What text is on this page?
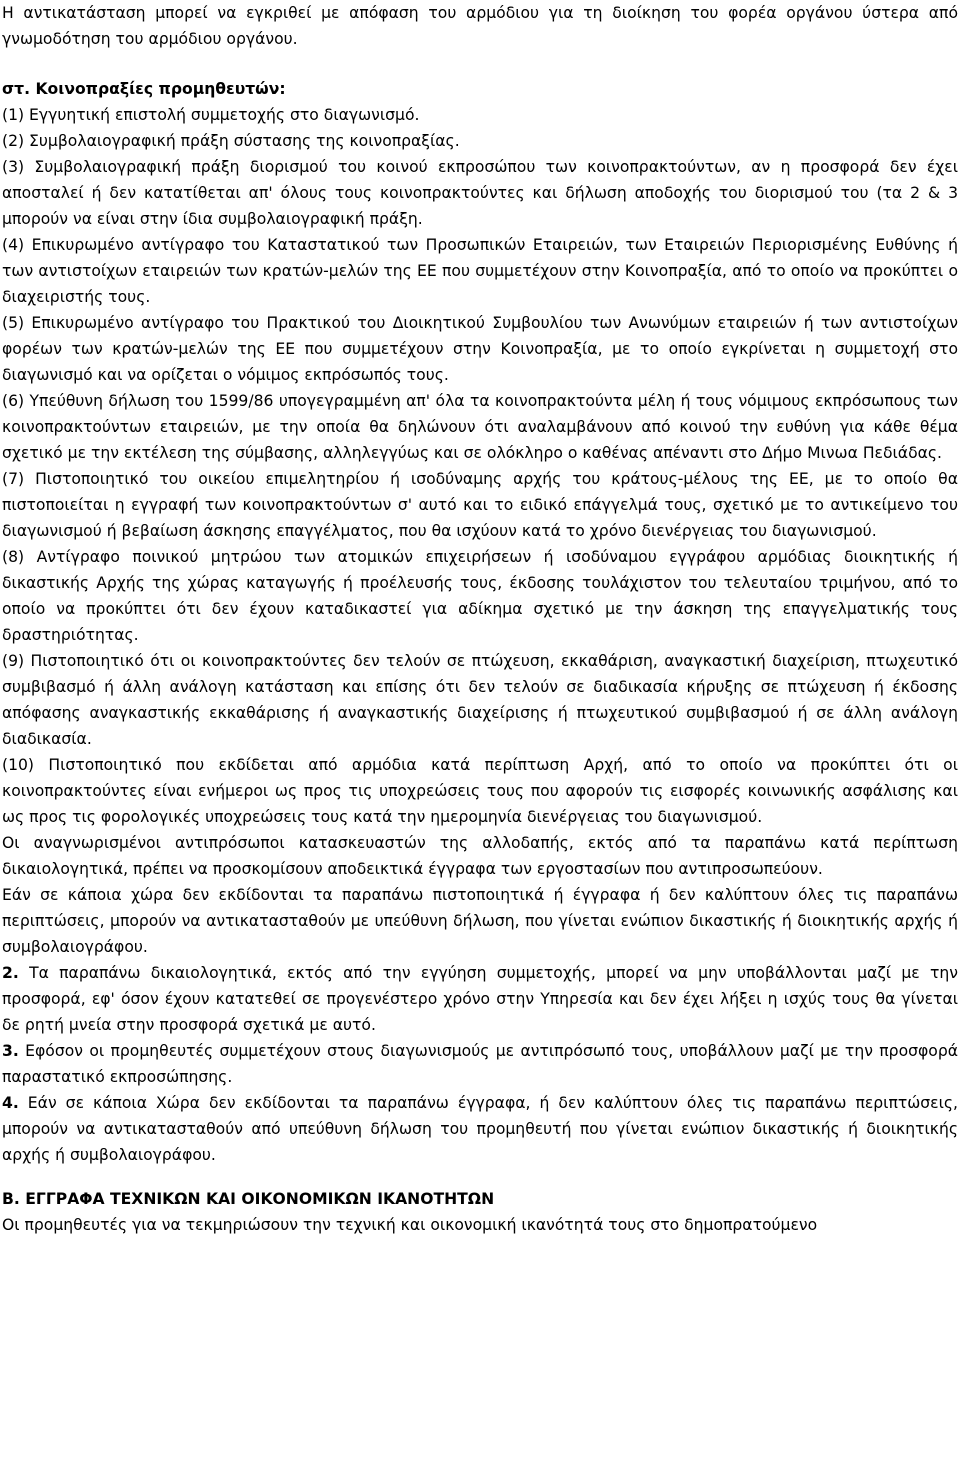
Η αντικατάσταση μπορεί να εγκριθεί με απόφαση του αρμόδιου για τη διοίκηση του φορέα οργάνου ύστερα από γνωμοδότηση του αρμόδιου οργάνου.

στ. Κοινοπραξίες προμηθευτών:

(1) Εγγυητική επιστολή συμμετοχής στο διαγωνισμό.

(2) Συμβολαιογραφική πράξη σύστασης της κοινοπραξίας.

(3) Συμβολαιογραφική πράξη διορισμού του κοινού εκπροσώπου των κοινοπρακτούντων, αν η προσφορά δεν έχει αποσταλεί ή δεν κατατίθεται απ' όλους τους κοινοπρακτούντες και δήλωση αποδοχής του διορισμού του (τα 2 & 3 μπορούν να είναι στην ίδια συμβολαιογραφική πράξη.

(4) Επικυρωμένο αντίγραφο του Καταστατικού των Προσωπικών Εταιρειών, των Εταιρειών Περιορισμένης Ευθύνης ή των αντιστοίχων εταιρειών των κρατών-μελών της ΕΕ που συμμετέχουν στην Κοινοπραξία, από το οποίο να προκύπτει ο διαχειριστής τους.

(5) Επικυρωμένο αντίγραφο του Πρακτικού του Διοικητικού Συμβουλίου των Ανωνύμων εταιρειών ή των αντιστοίχων φορέων των κρατών-μελών της ΕΕ που συμμετέχουν στην Κοινοπραξία, με το οποίο εγκρίνεται η συμμετοχή στο διαγωνισμό και να ορίζεται ο νόμιμος εκπρόσωπός τους.

(6) Υπεύθυνη δήλωση του 1599/86 υπογεγραμμένη απ' όλα τα κοινοπρακτούντα μέλη ή τους νόμιμους εκπρόσωπους των κοινοπρακτούντων εταιρειών, με την οποία θα δηλώνουν ότι αναλαμβάνουν από κοινού την ευθύνη για κάθε θέμα σχετικό με την εκτέλεση της σύμβασης, αλληλεγγύως και σε ολόκληρο ο καθένας απέναντι στο Δήμο Μινωα Πεδιάδας.

(7) Πιστοποιητικό του οικείου επιμελητηρίου ή ισοδύναμης αρχής του κράτους-μέλους της ΕΕ, με το οποίο θα πιστοποιείται η εγγραφή των κοινοπρακτούντων σ' αυτό και το ειδικό επάγγελμά τους, σχετικό με το αντικείμενο του διαγωνισμού ή βεβαίωση άσκησης επαγγέλματος, που θα ισχύουν κατά το χρόνο διενέργειας του διαγωνισμού.

(8) Αντίγραφο ποινικού μητρώου των ατομικών επιχειρήσεων ή ισοδύναμου εγγράφου αρμόδιας διοικητικής ή δικαστικής Αρχής της χώρας καταγωγής ή προέλευσής τους, έκδοσης τουλάχιστον του τελευταίου τριμήνου, από το οποίο να προκύπτει ότι δεν έχουν καταδικαστεί για αδίκημα σχετικό με την άσκηση της επαγγελματικής τους δραστηριότητας.

(9) Πιστοποιητικό ότι οι κοινοπρακτούντες δεν τελούν σε πτώχευση, εκκαθάριση, αναγκαστική διαχείριση, πτωχευτικό συμβιβασμό ή άλλη ανάλογη κατάσταση και επίσης ότι δεν τελούν σε διαδικασία κήρυξης σε πτώχευση ή έκδοσης απόφασης αναγκαστικής εκκαθάρισης ή αναγκαστικής διαχείρισης ή πτωχευτικού συμβιβασμού ή σε άλλη ανάλογη διαδικασία.

(10) Πιστοποιητικό που εκδίδεται από αρμόδια κατά περίπτωση Αρχή, από το οποίο να προκύπτει ότι οι κοινοπρακτούντες είναι ενήμεροι ως προς τις υποχρεώσεις τους που αφορούν τις εισφορές κοινωνικής ασφάλισης και ως προς τις φορολογικές υποχρεώσεις τους κατά την ημερομηνία διενέργειας του διαγωνισμού.

Οι αναγνωρισμένοι αντιπρόσωποι κατασκευαστών της αλλοδαπής, εκτός από τα παραπάνω κατά περίπτωση δικαιολογητικά, πρέπει να προσκομίσουν αποδεικτικά έγγραφα των εργοστασίων που αντιπροσωπεύουν.

Εάν σε κάποια χώρα δεν εκδίδονται τα παραπάνω πιστοποιητικά ή έγγραφα ή δεν καλύπτουν όλες τις παραπάνω περιπτώσεις, μπορούν να αντικατασταθούν με υπεύθυνη δήλωση, που γίνεται ενώπιον δικαστικής ή διοικητικής αρχής ή συμβολαιογράφου.

2. Τα παραπάνω δικαιολογητικά, εκτός από την εγγύηση συμμετοχής, μπορεί να μην υποβάλλονται μαζί με την προσφορά, εφ' όσον έχουν κατατεθεί σε προγενέστερο χρόνο στην Υπηρεσία και δεν έχει λήξει η ισχύς τους θα γίνεται δε ρητή μνεία στην προσφορά σχετικά με αυτό.

3. Εφόσον οι προμηθευτές συμμετέχουν στους διαγωνισμούς με αντιπρόσωπό τους, υποβάλλουν μαζί με την προσφορά παραστατικό εκπροσώπησης.

4. Εάν σε κάποια Χώρα δεν εκδίδονται τα παραπάνω έγγραφα, ή δεν καλύπτουν όλες τις παραπάνω περιπτώσεις, μπορούν να αντικατασταθούν από υπεύθυνη δήλωση του προμηθευτή που γίνεται ενώπιον δικαστικής ή διοικητικής αρχής ή συμβολαιογράφου.

Β. ΕΓΓΡΑΦΑ ΤΕΧΝΙΚΩΝ ΚΑΙ ΟΙΚΟΝΟΜΙΚΩΝ ΙΚΑΝΟΤΗΤΩΝ

Οι προμηθευτές για να τεκμηριώσουν την τεχνική και οικονομική ικανότητά τους στο δημοπρατούμενο
